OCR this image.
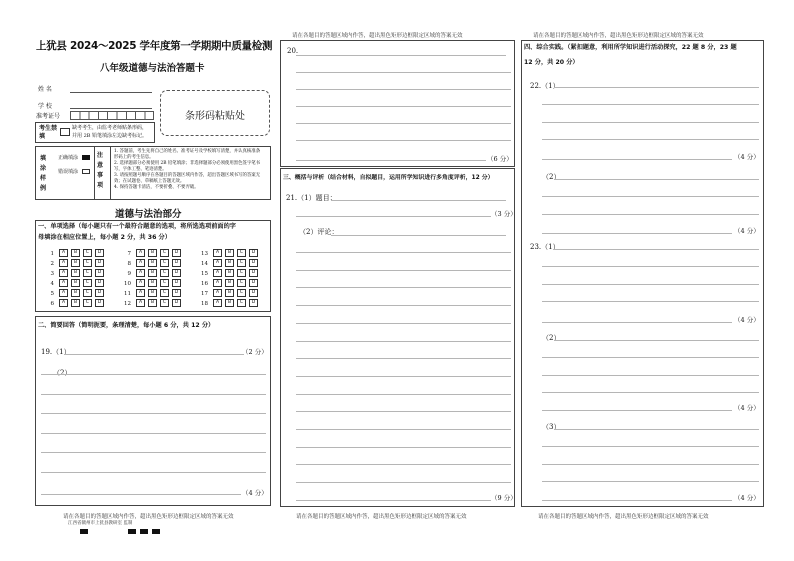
上犹县 2024～2025 学年度第一学期期中质量检测
八年级道德与法治答题卡
姓 名
学 校
准考证号	条形码粘贴处
考生禁填
缺考考生，由监考老师贴条形码，
并用 2B 铅笔填涂左边缺考标记。
填涂样例
正确填涂
错误填涂
注意事项
1. 答题前，考生先将自己的姓名、准考证号及学校填写清楚，并认真核准条形码上的考生信息。
2. 选择题部分必须使用 2B 铅笔填涂；非选择题部分必须使用黑色签字笔书写，字体工整、笔迹清楚。
3. 请按照题号顺序在各题目的答题区域内作答，超出答题区域书写的答案无效；在试题卷、草稿纸上答题无效。
4. 保持答题卡清洁，不要折叠、不要弄破。
道德与法治部分
一、单项选择（每小题只有一个最符合题意的选项，将所选选项前面的字
母填涂在相应位置上，每小题 2 分，共 36 分）
1 A B C D
2 A B C D
3 A B C D
4 A B C D
5 A B C D
6 A B C D
7 A B C D
8 A B C D
9 A B C D
10 A B C D
11 A B C D
12 A B C D
13 A B C D
14 A B C D
15 A B C D
16 A B C D
17 A B C D
18 A B C D
二、简要回答（简明扼要，条理清楚，每小题 6 分，共 12 分）
19.（1）	（2 分）
（2）
（4 分）
请在各题目的答题区域内作答，超出黑色矩形边框限定区域的答案无效
江西省赣州市上犹县教研室 监制
请在各题目的答题区域内作答，超出黑色矩形边框限定区域的答案无效
20.
（6 分）
三、概括与评析（结合材料，自拟题目，运用所学知识进行多角度评析，12 分）
21.（1）题目：
（3 分）
（2）评论：
（9 分）
请在各题目的答题区域内作答，超出黑色矩形边框限定区域的答案无效
请在各题目的答题区域内作答，超出黑色矩形边框限定区域的答案无效
四、综合实践。（紧扣题意，利用所学知识进行活动探究，22 题 8 分，23 题
12 分，共 20 分）
22.（1）
（4 分）
（2）
（4 分）
23.（1）
（4 分）
（2）
（4 分）
（3）
（4 分）
请在各题目的答题区域内作答，超出黑色矩形边框限定区域的答案无效
